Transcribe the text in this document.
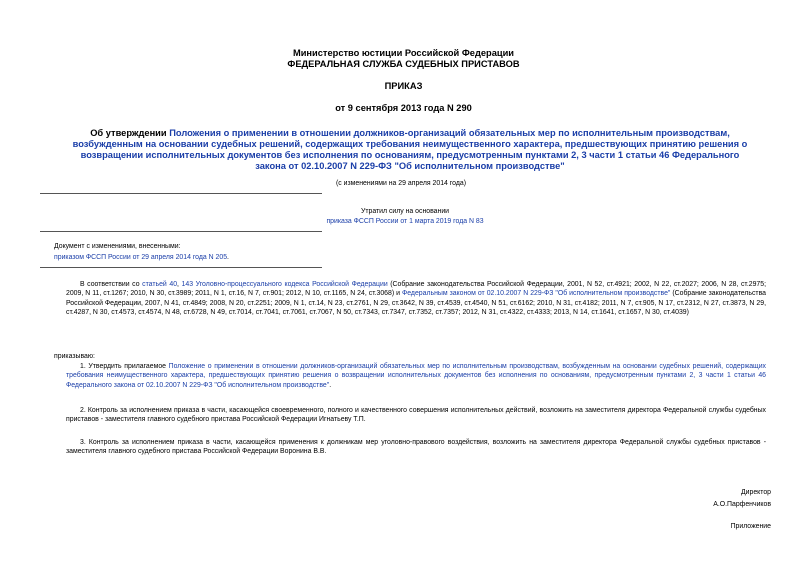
Министерство юстиции Российской Федерации
ФЕДЕРАЛЬНАЯ СЛУЖБА СУДЕБНЫХ ПРИСТАВОВ
ПРИКАЗ
от 9 сентября 2013 года N 290
Об утверждении Положения о применении в отношении должников-организаций обязательных мер по исполнительным производствам, возбужденным на основании судебных решений, содержащих требования неимущественного характера, предшествующих принятию решения о возвращении исполнительных документов без исполнения по основаниям, предусмотренным пунктами 2, 3 части 1 статьи 46 Федерального закона от 02.10.2007 N 229-ФЗ "Об исполнительном производстве"
(с изменениями на 29 апреля 2014 года)
Утратил силу на основании
приказа ФССП России от 1 марта 2019 года N 83
Документ с изменениями, внесенными:
приказом ФССП России от 29 апреля 2014 года N 205.
В соответствии со статьей 40, 143 Уголовно-процессуального кодекса Российской Федерации (Собрание законодательства Российской Федерации, 2001, N 52, ст.4921; 2002, N 22, ст.2027; 2006, N 28, ст.2975; 2009, N 11, ст.1267; 2010, N 30, ст.3989; 2011, N 1, ст.16, N 7, ст.901; 2012, N 10, ст.1165, N 24, ст.3068) и Федеральным законом от 02.10.2007 N 229-ФЗ "Об исполнительном производстве" (Собрание законодательства Российской Федерации, 2007, N 41, ст.4849; 2008, N 20, ст.2251; 2009, N 1, ст.14, N 23, ст.2761, N 29, ст.3642, N 39, ст.4539, ст.4540, N 51, ст.6162; 2010, N 31, ст.4182; 2011, N 7, ст.905, N 17, ст.2312, N 27, ст.3873, N 29, ст.4287, N 30, ст.4573, ст.4574, N 48, ст.6728, N 49, ст.7014, ст.7041, ст.7061, ст.7067, N 50, ст.7343, ст.7347, ст.7352, ст.7357; 2012, N 31, ст.4322, ст.4333; 2013, N 14, ст.1641, ст.1657, N 30, ст.4039)
приказываю:
1. Утвердить прилагаемое Положение о применении в отношении должников-организаций обязательных мер по исполнительным производствам, возбужденным на основании судебных решений, содержащих требования неимущественного характера, предшествующих принятию решения о возвращении исполнительных документов без исполнения по основаниям, предусмотренным пунктами 2, 3 части 1 статьи 46 Федерального закона от 02.10.2007 N 229-ФЗ "Об исполнительном производстве".
2. Контроль за исполнением приказа в части, касающейся своевременного, полного и качественного совершения исполнительных действий, возложить на заместителя директора Федеральной службы судебных приставов - заместителя главного судебного пристава Российской Федерации Игнатьеву Т.П.
3. Контроль за исполнением приказа в части, касающейся применения к должникам мер уголовно-правового воздействия, возложить на заместителя директора Федеральной службы судебных приставов - заместителя главного судебного пристава Российской Федерации Воронина В.В.
Директор
А.О.Парфенчиков
Приложение
